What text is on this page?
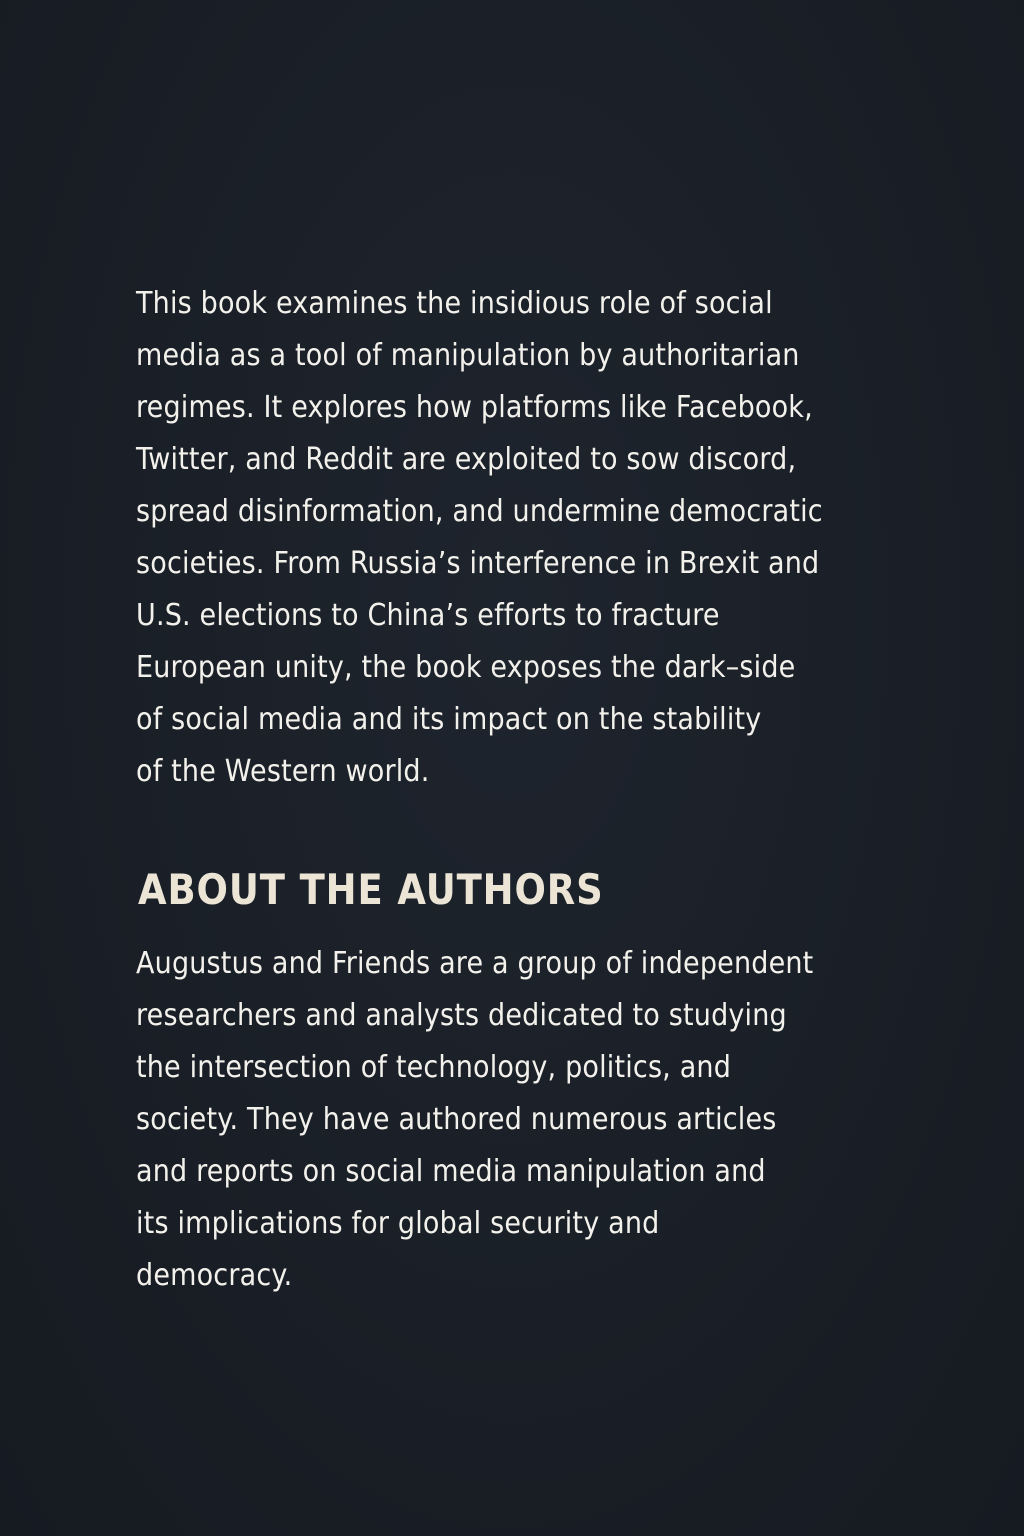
This book examines the insidious role of social
media as a tool of manipulation by authoritarian
regimes. It explores how platforms like Facebook,
Twitter, and Reddit are exploited to sow discord,
spread disinformation, and undermine democratic
societies. From Russia’s interference in Brexit and
U.S. elections to China’s efforts to fracture
European unity, the book exposes the dark–side
of social media and its impact on the stability
of the Western world.

ABOUT THE AUTHORS

Augustus and Friends are a group of independent
researchers and analysts dedicated to studying
the intersection of technology, politics, and
society. They have authored numerous articles
and reports on social media manipulation and
its implications for global security and
democracy.
